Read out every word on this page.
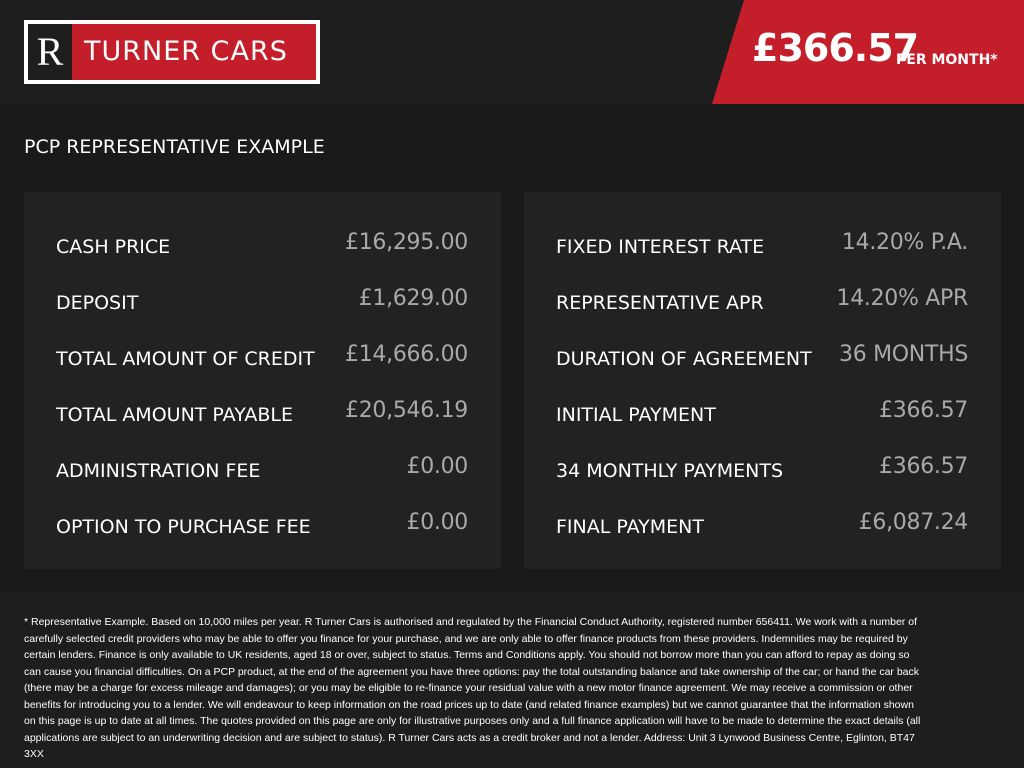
R TURNER CARS	£366.57
PER MONTH*
PCP REPRESENTATIVE EXAMPLE
CASH PRICE	£16,295.00
DEPOSIT	£1,629.00
TOTAL AMOUNT OF CREDIT £14,666.00
TOTAL AMOUNT PAYABLE £20,546.19
ADMINISTRATION FEE	£0.00
OPTION TO PURCHASE FEE	£0.00
FIXED INTEREST RATE	14.20% P.A.
REPRESENTATIVE APR	14.20% APR
DURATION OF AGREEMENT 36 MONTHS
INITIAL PAYMENT	£366.57
34 MONTHLY PAYMENTS	£366.57
FINAL PAYMENT	£6,087.24

* Representative Example. Based on 10,000 miles per year. R Turner Cars is authorised and regulated by the Financial Conduct Authority, registered number 656411. We work with a number of carefully selected credit providers who may be able to offer you finance for your purchase, and we are only able to offer finance products from these providers. Indemnities may be required by certain lenders. Finance is only available to UK residents, aged 18 or over, subject to status. Terms and Conditions apply. You should not borrow more than you can afford to repay as doing so can cause you financial difficulties. On a PCP product, at the end of the agreement you have three options: pay the total outstanding balance and take ownership of the car; or hand the car back (there may be a charge for excess mileage and damages); or you may be eligible to re-finance your residual value with a new motor finance agreement. We may receive a commission or other benefits for introducing you to a lender. We will endeavour to keep information on the road prices up to date (and related finance examples) but we cannot guarantee that the information shown on this page is up to date at all times. The quotes provided on this page are only for illustrative purposes only and a full finance application will have to be made to determine the exact details (all applications are subject to an underwriting decision and are subject to status). R Turner Cars acts as a credit broker and not a lender. Address: Unit 3 Lynwood Business Centre, Eglinton, BT47 3XX
